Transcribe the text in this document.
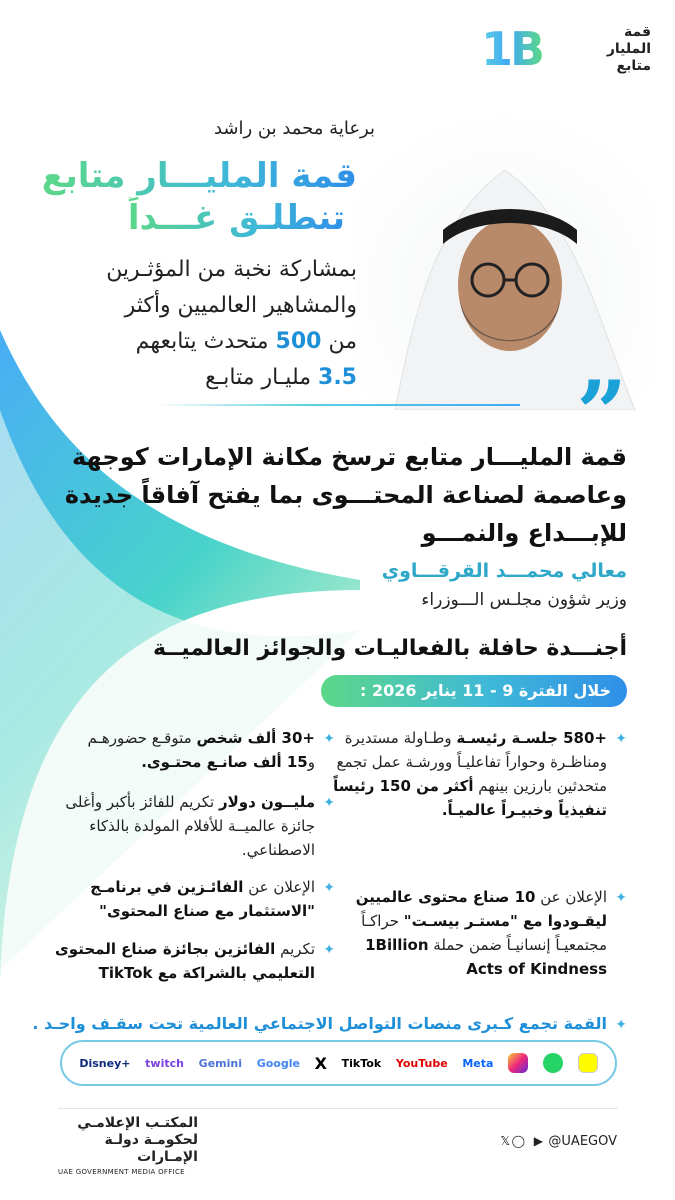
1B	قمة
المليار
متابع
برعاية محمد بن راشد
قمة المليـــار متابع
تنطلـق غـــداً
بمشاركة نخبة من المؤثـرين
والمشاهير العالميين وأكثر
من 500 متحدث يتابعهم
3.5 مليـار متابـع	”
قمة المليـــار متابع ترسخ مكانة الإمارات كوجهة
وعاصمة لصناعة المحتـــوى بما يفتح آفاقاً جديدة
للإبـــداع والنمـــو
معالي محمـــد القرقـــاوي
وزير شؤون مجلـس الـــوزراء
أجنـــدة حافلة بالفعاليـات والجوائز العالميــة
خلال الفترة 9 - 11 يناير 2026 :
✦
+580 جلسـة رئيسـة وطـاولة مستديرة ومناظـرة وحواراً تفاعليـاً وورشـة عمل تجمع متحدثين بارزين بينهم أكثر من 150 رئيساً تنفيذياً وخبيـراً عالميـاً.
✦
الإعلان عن 10 صناع محتوى عالميين ليقـودوا مع "مستـر بيسـت" حراكـاً مجتمعيـاً إنسانيـاً ضمن حملة 1Billion Acts of Kindness
✦
+30 ألف شخص متوقـع حضورهـم و15 ألف صانـع محتـوى.
✦
مليــون دولار تكريم للفائز بأكبر وأغلى جائزة عالميــة للأفلام المولدة بالذكاء الاصطناعي.
✦
الإعلان عن الفائـزين في برنامـج "الاستثمار مع صناع المحتوى"
✦
تكريم الفائزين بجائزة صناع المحتوى التعليمي بالشراكة مع TikTok
✦
القمة تجمع كـبرى منصات التواصل الاجتماعي العالمية تحت سقـف واحـد .
Disney+ twitch Gemini Google X TikTok YouTube Meta
المكتـب الإعلامـي
لحكومـة دولـة الإمـارات
UAE GOVERNMENT MEDIA OFFICE
𝕏 ◯ ▶ @UAEGOV
